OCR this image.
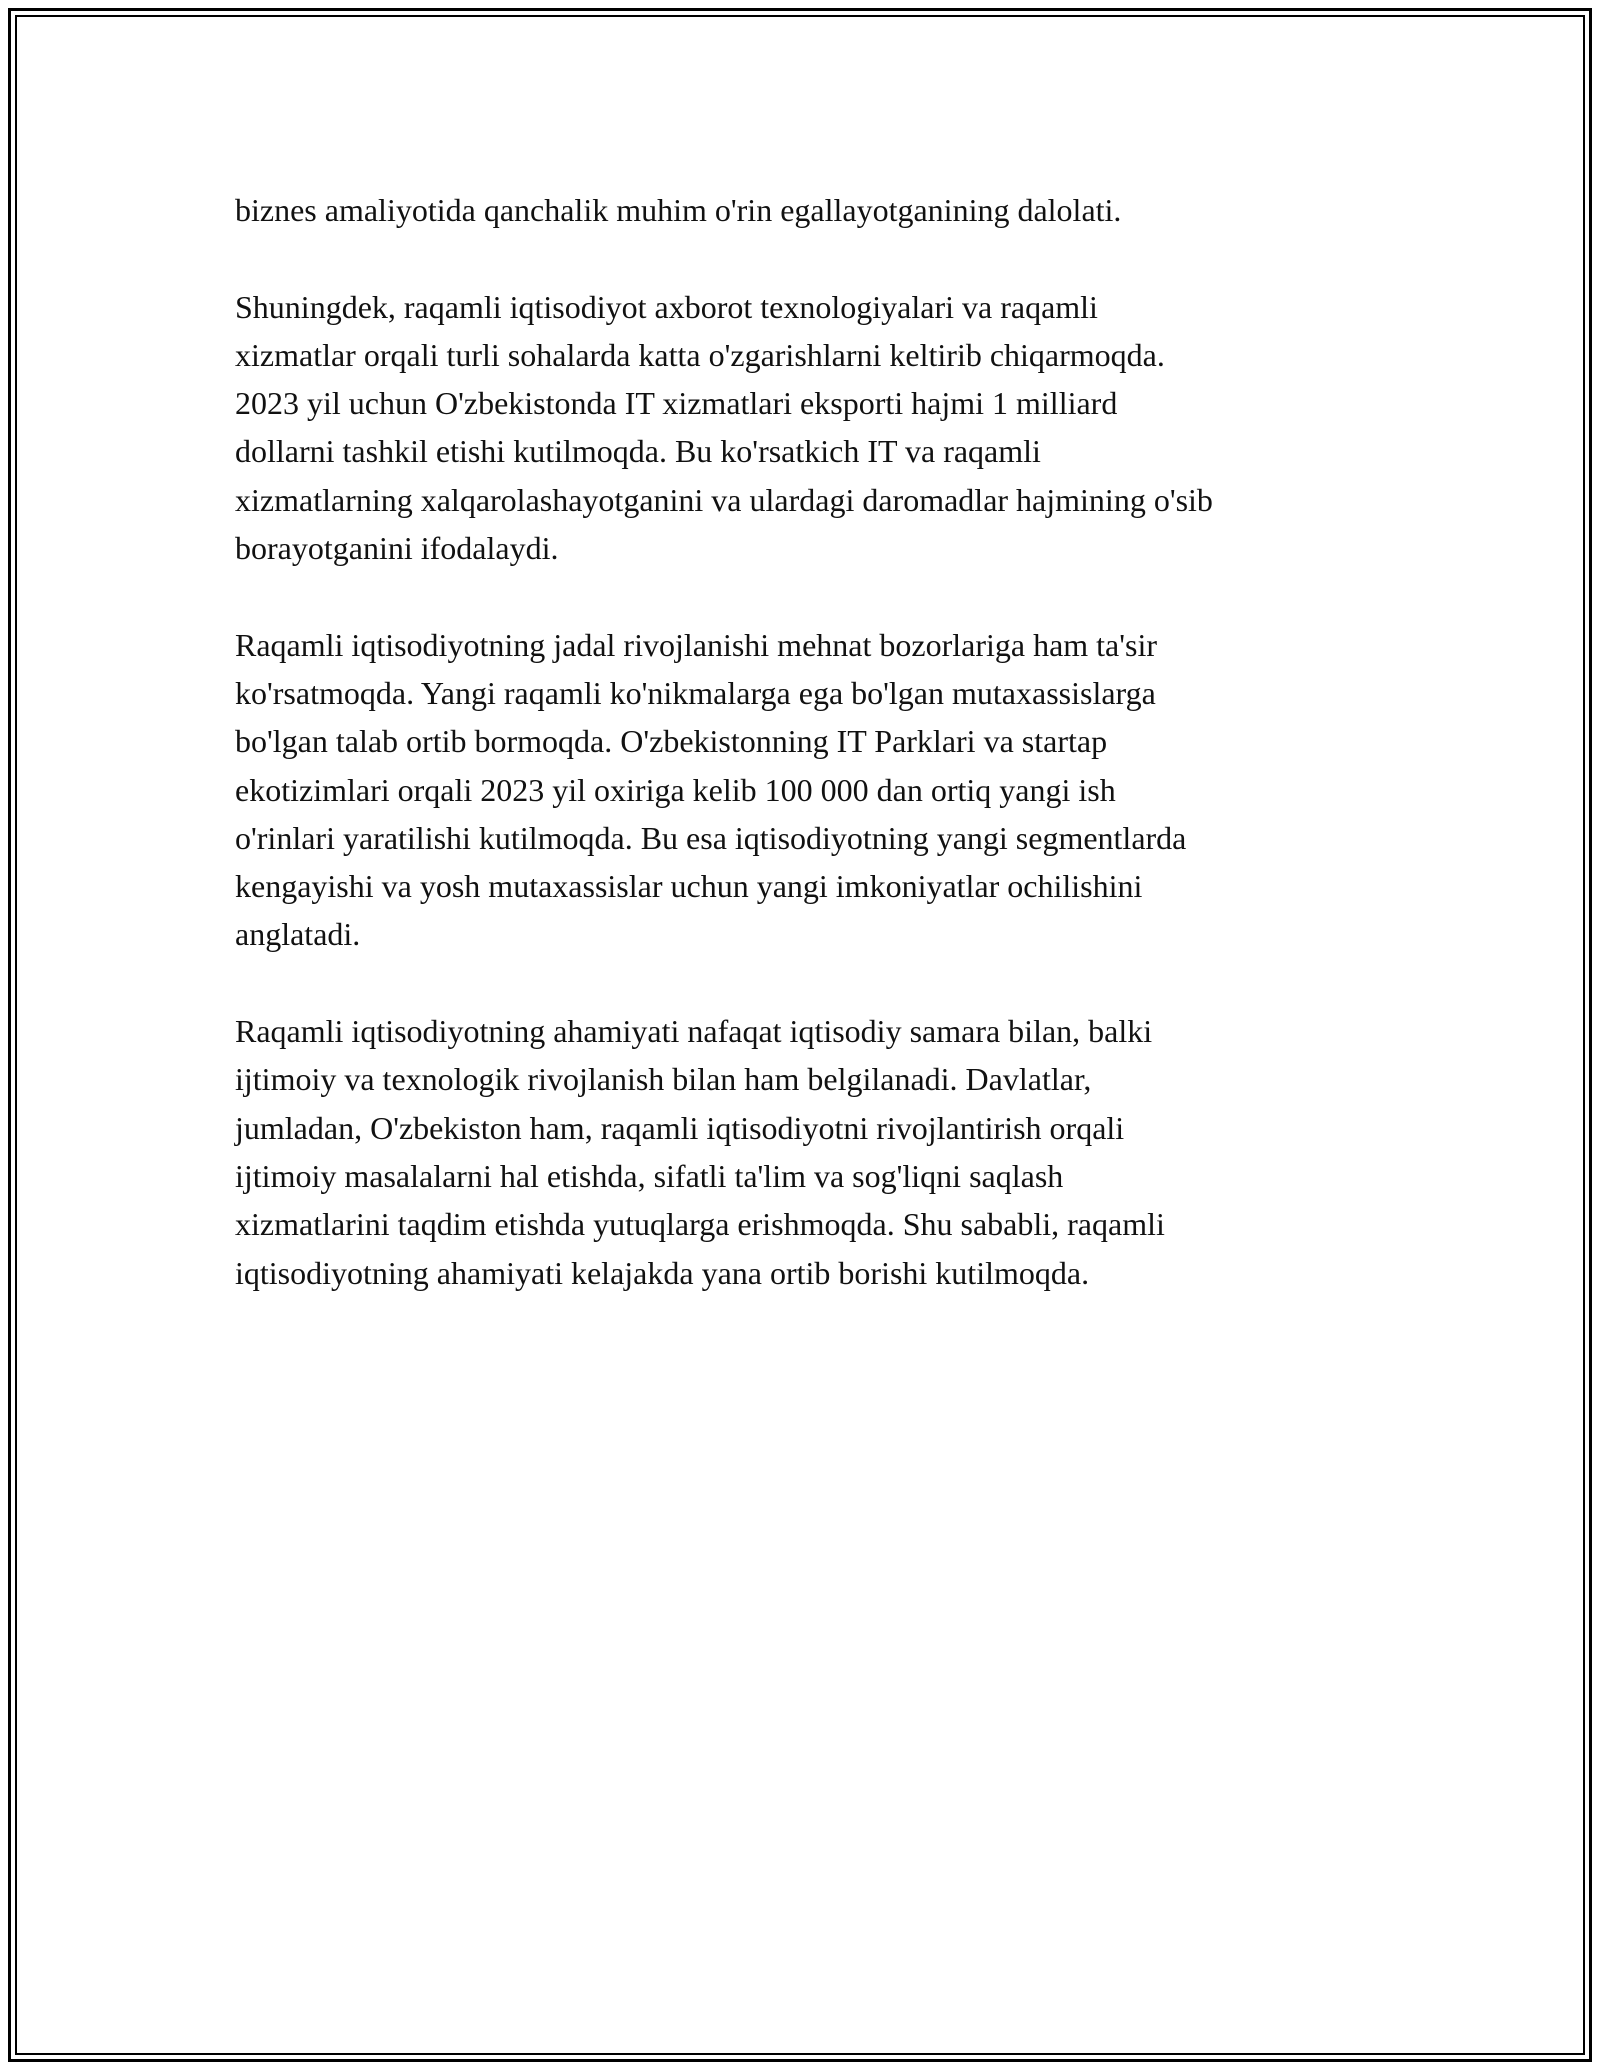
biznes amaliyotida qanchalik muhim o'rin egallayotganining dalolati.

Shuningdek, raqamli iqtisodiyot axborot texnologiyalari va raqamli
xizmatlar orqali turli sohalarda katta o'zgarishlarni keltirib chiqarmoqda.
2023 yil uchun O'zbekistonda IT xizmatlari eksporti hajmi 1 milliard
dollarni tashkil etishi kutilmoqda. Bu ko'rsatkich IT va raqamli
xizmatlarning xalqarolashayotganini va ulardagi daromadlar hajmining o'sib
borayotganini ifodalaydi.

Raqamli iqtisodiyotning jadal rivojlanishi mehnat bozorlariga ham ta'sir
ko'rsatmoqda. Yangi raqamli ko'nikmalarga ega bo'lgan mutaxassislarga
bo'lgan talab ortib bormoqda. O'zbekistonning IT Parklari va startap
ekotizimlari orqali 2023 yil oxiriga kelib 100 000 dan ortiq yangi ish
o'rinlari yaratilishi kutilmoqda. Bu esa iqtisodiyotning yangi segmentlarda
kengayishi va yosh mutaxassislar uchun yangi imkoniyatlar ochilishini
anglatadi.

Raqamli iqtisodiyotning ahamiyati nafaqat iqtisodiy samara bilan, balki
ijtimoiy va texnologik rivojlanish bilan ham belgilanadi. Davlatlar,
jumladan, O'zbekiston ham, raqamli iqtisodiyotni rivojlantirish orqali
ijtimoiy masalalarni hal etishda, sifatli ta'lim va sog'liqni saqlash
xizmatlarini taqdim etishda yutuqlarga erishmoqda. Shu sababli, raqamli
iqtisodiyotning ahamiyati kelajakda yana ortib borishi kutilmoqda.
